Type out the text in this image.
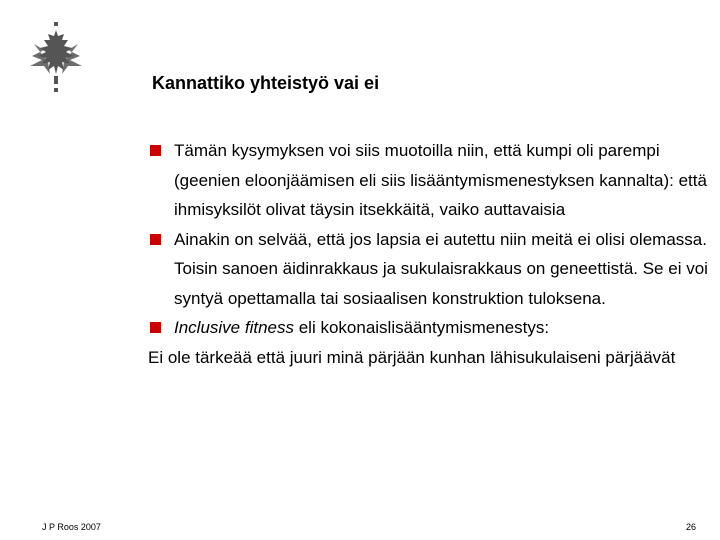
Kannattiko yhteistyö vai ei

Tämän kysymyksen voi siis muotoilla niin, että kumpi oli parempi (geenien eloonjäämisen eli siis lisääntymismenestyksen kannalta): että ihmisyksilöt olivat täysin itsekkäitä, vaiko auttavaisia

Ainakin on selvää, että jos lapsia ei autettu niin meitä ei olisi olemassa. Toisin sanoen äidinrakkaus ja sukulaisrakkaus on geneettistä. Se ei voi syntyä opettamalla tai sosiaalisen konstruktion tuloksena.

Inclusive fitness eli kokonaislisääntymismenestys:

Ei ole tärkeää että juuri minä pärjään kunhan lähisukulaiseni pärjäävät

J P Roos 2007	26
